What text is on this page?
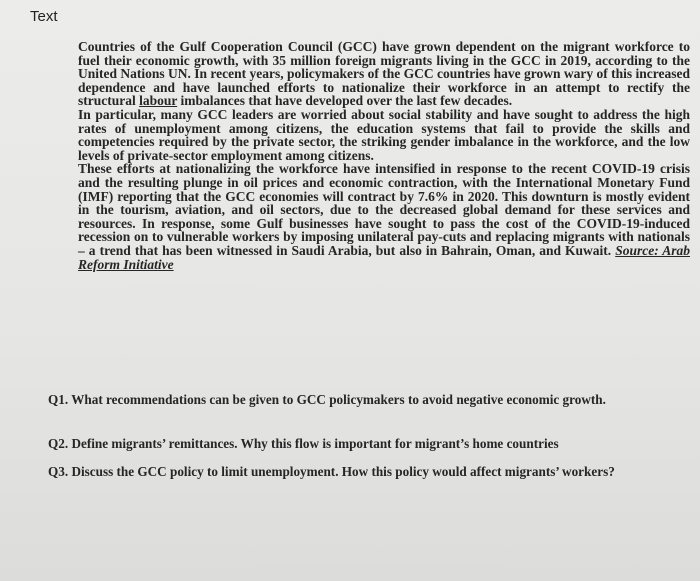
Text

Countries of the Gulf Cooperation Council (GCC) have grown dependent on the migrant workforce to fuel their economic growth, with 35 million foreign migrants living in the GCC in 2019, according to the United Nations UN. In recent years, policymakers of the GCC countries have grown wary of this increased dependence and have launched efforts to nationalize their workforce in an attempt to rectify the structural labour imbalances that have developed over the last few decades.

In particular, many GCC leaders are worried about social stability and have sought to address the high rates of unemployment among citizens, the education systems that fail to provide the skills and competencies required by the private sector, the striking gender imbalance in the workforce, and the low levels of private-sector employment among citizens.

These efforts at nationalizing the workforce have intensified in response to the recent COVID-19 crisis and the resulting plunge in oil prices and economic contraction, with the International Monetary Fund (IMF) reporting that the GCC economies will contract by 7.6% in 2020. This downturn is mostly evident in the tourism, aviation, and oil sectors, due to the decreased global demand for these services and resources. In response, some Gulf businesses have sought to pass the cost of the COVID-19-induced recession on to vulnerable workers by imposing unilateral pay-cuts and replacing migrants with nationals – a trend that has been witnessed in Saudi Arabia, but also in Bahrain, Oman, and Kuwait. Source: Arab Reform Initiative

Q1. What recommendations can be given to GCC policymakers to avoid negative economic growth.
Q2. Define migrants’ remittances. Why this flow is important for migrant’s home countries
Q3. Discuss the GCC policy to limit unemployment. How this policy would affect migrants’ workers?
